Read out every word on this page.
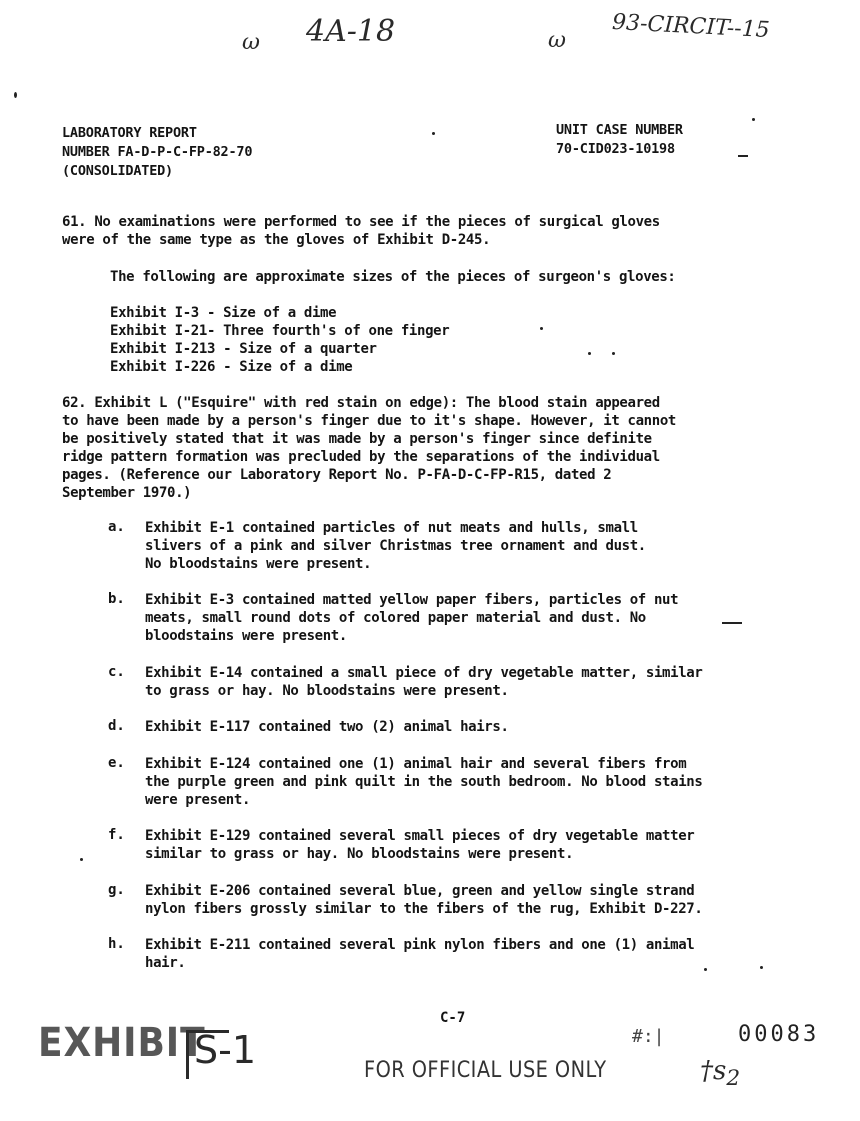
4A-18	93-CIRCIT--15
ω	ω
LABORATORY REPORT
NUMBER FA-D-P-C-FP-82-70
(CONSOLIDATED)
UNIT CASE NUMBER
70-CID023-10198
61. No examinations were performed to see if the pieces of surgical gloves
were of the same type as the gloves of Exhibit D-245.
The following are approximate sizes of the pieces of surgeon's gloves:
Exhibit I-3 - Size of a dime
Exhibit I-21- Three fourth's of one finger
Exhibit I-213 - Size of a quarter
Exhibit I-226 - Size of a dime
62. Exhibit L ("Esquire" with red stain on edge): The blood stain appeared
to have been made by a person's finger due to it's shape. However, it cannot
be positively stated that it was made by a person's finger since definite
ridge pattern formation was precluded by the separations of the individual
pages. (Reference our Laboratory Report No. P-FA-D-C-FP-R15, dated 2
September 1970.)
a. Exhibit E-1 contained particles of nut meats and hulls, small
slivers of a pink and silver Christmas tree ornament and dust.
No bloodstains were present.
b. Exhibit E-3 contained matted yellow paper fibers, particles of nut
meats, small round dots of colored paper material and dust. No
bloodstains were present.
c. Exhibit E-14 contained a small piece of dry vegetable matter, similar
to grass or hay. No bloodstains were present.
d. Exhibit E-117 contained two (2) animal hairs.
e. Exhibit E-124 contained one (1) animal hair and several fibers from
the purple green and pink quilt in the south bedroom. No blood stains
were present.
f. Exhibit E-129 contained several small pieces of dry vegetable matter
similar to grass or hay. No bloodstains were present.
g. Exhibit E-206 contained several blue, green and yellow single strand
nylon fibers grossly similar to the fibers of the rug, Exhibit D-227.
h. Exhibit E-211 contained several pink nylon fibers and one (1) animal
hair.
C-7
EXHIBIT
S-1	FOR OFFICIAL USE ONLY
#:|
$\dagger s_2$
00083
